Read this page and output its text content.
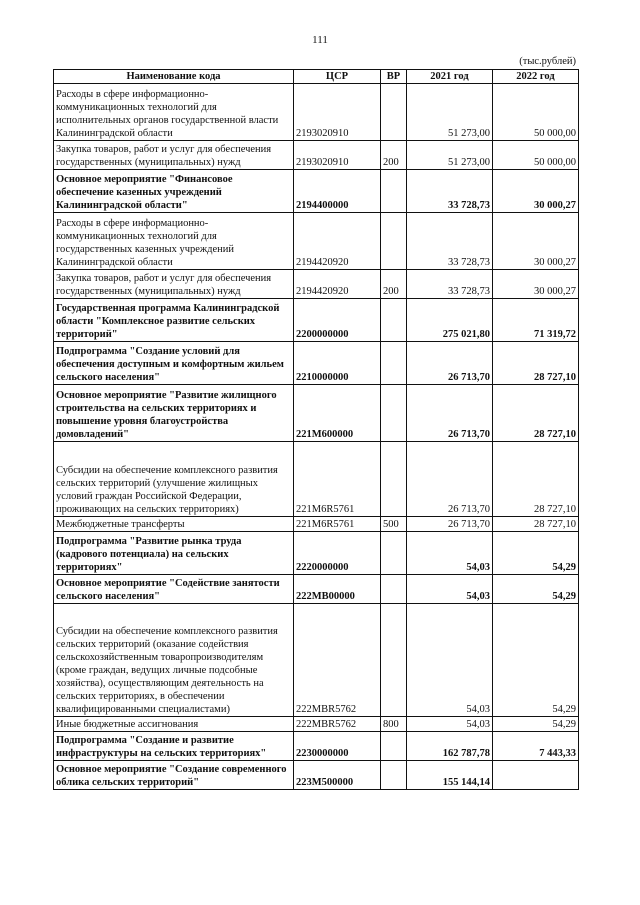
111
(тыс.рублей)
Наименование кода	ЦСР	ВР	2021 год	2022 год
Расходы в сфере информационно-коммуникационных технологий для исполнительных органов государственной власти Калининградской области	2193020910		51 273,00	50 000,00
Закупка товаров, работ и услуг для обеспечения государственных (муниципальных) нужд	2193020910	200	51 273,00	50 000,00
Основное мероприятие "Финансовое обеспечение казенных учреждений Калининградской области"	2194400000		33 728,73	30 000,27
Расходы в сфере информационно-коммуникационных технологий для государственных казенных учреждений Калининградской области	2194420920		33 728,73	30 000,27
Закупка товаров, работ и услуг для обеспечения государственных (муниципальных) нужд	2194420920	200	33 728,73	30 000,27
Государственная программа Калининградской области "Комплексное развитие сельских территорий"	2200000000		275 021,80	71 319,72
Подпрограмма "Создание условий для обеспечения доступным и комфортным жильем сельского населения"	2210000000		26 713,70	28 727,10
Основное мероприятие "Развитие жилищного строительства на сельских территориях и повышение уровня благоустройства домовладений"	221M600000		26 713,70	28 727,10
Субсидии на обеспечение комплексного развития сельских территорий (улучшение жилищных условий граждан Российской Федерации, проживающих на сельских территориях)	221M6R5761		26 713,70	28 727,10
Межбюджетные трансферты	221M6R5761	500	26 713,70	28 727,10
Подпрограмма "Развитие рынка труда (кадрового потенциала) на сельских территориях"	2220000000		54,03	54,29
Основное мероприятие "Содействие занятости сельского населения"	222MB00000		54,03	54,29
Субсидии на обеспечение комплексного развития сельских территорий (оказание содействия сельскохозяйственным товаропроизводителям (кроме граждан, ведущих личные подсобные хозяйства), осуществляющим деятельность на сельских территориях, в обеспечении квалифицированными специалистами)	222MBR5762		54,03	54,29
Иные бюджетные ассигнования	222MBR5762	800	54,03	54,29
Подпрограмма "Создание и развитие инфраструктуры на сельских территориях"	2230000000		162 787,78	7 443,33
Основное мероприятие "Создание современного облика сельских территорий"	223M500000		155 144,14	
